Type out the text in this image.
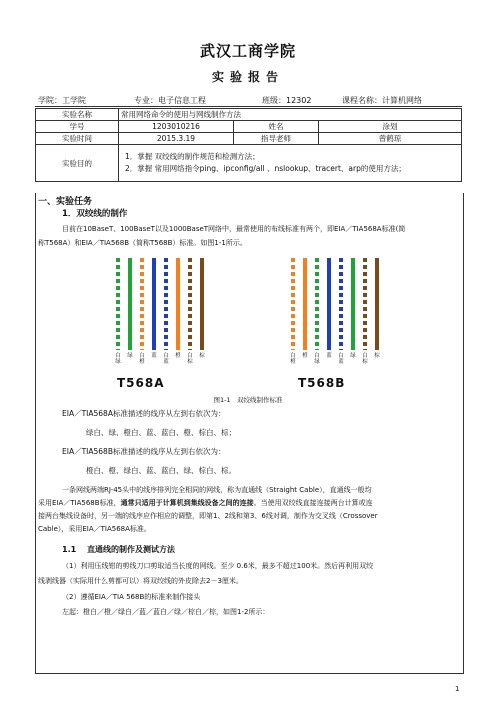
武汉工商学院
实验报告
学院：工学院	专业：电子信息工程	班级：12302	课程名称：计算机网络
实验名称	常用网络命令的使用与网线制作方法		
学号	1203010216	姓名	涂划
实验时间	2015.3.19	指导老师	曾鹤琼
实验目的	1．掌握 双绞线的制作规范和检测方法；
2．掌握 常用网络指令ping、ipconfig/all 、nslookup、tracert、arp的使用方法；		
一、实验任务
1．双绞线的制作
目前在10BaseT、100BaseT以及1000BaseT网络中，最常使用的布线标准有两个，即EIA／TIA568A标准(简
称T568A）和EIA／TIA568B（简称T568B）标准。如图1-1所示。
白
绿
绿 白
橙
蓝 白
蓝
橙 白
棕
棕	白
橙
橙 白
绿
蓝 白
蓝
绿 白
棕
棕
T568A	T568B
图1-1　双绞线制作标准
EIA／TIA568A标准描述的线序从左到右依次为：
绿白、绿、橙白、蓝、蓝白、橙、棕白、棕；
EIA／TIA568B标准描述的线序从左到右依次为：
橙白、橙、绿白、蓝、蓝白、绿、棕白、棕。
一条网线两端RJ-45头中的线序排列完全相同的网线，称为直通线（Straight Cable），直通线一般均
采用EIA／TIA568B标准，通常只适用于计算机到集线设备之间的连接。当使用双绞线直接连接两台计算或连
接两台集线设备时，另一端的线序应作相应的调整，即第1、2线和第3、6线对调，制作为交叉线（Crossover
Cable），采用EIA／TIA568A标准。
1.1　 直通线的制作及测试方法
（1）利用压线钳的剪线刀口剪取适当长度的网线。至少 0.6米，最多不超过100米。然后再利用双绞
线剥线器（实际用什么剪都可以）将双绞线的外皮除去2－3厘米。
（2）遵循EIA／TIA 568B的标准来制作接头
左起：橙白／橙／绿白／蓝／蓝白／绿／棕白／棕，如图1-2所示：
1
